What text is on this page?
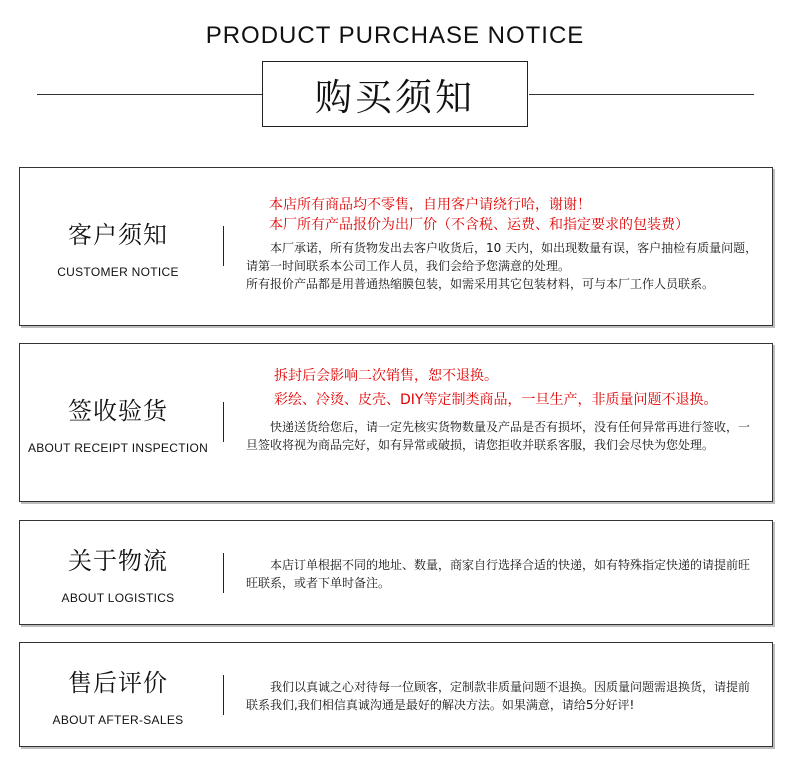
PRODUCT PURCHASE NOTICE
购买须知
客户须知
CUSTOMER NOTICE
本店所有商品均不零售，自用客户请绕行哈，谢谢！
本厂所有产品报价为出厂价（不含税、运费、和指定要求的包装费）

　　本厂承诺，所有货物发出去客户收货后，10 天内，如出现数量有误，客户抽检有质量问题，请第一时间联系本公司工作人员，我们会给予您满意的处理。

所有报价产品都是用普通热缩膜包装，如需采用其它包装材料，可与本厂工作人员联系。

签收验货
ABOUT RECEIPT INSPECTION
拆封后会影响二次销售，恕不退换。
彩绘、冷烫、皮壳、DIY等定制类商品，一旦生产，非质量问题不退换。

　　快递送货给您后，请一定先核实货物数量及产品是否有损坏，没有任何异常再进行签收，一旦签收将视为商品完好，如有异常或破损，请您拒收并联系客服，我们会尽快为您处理。

关于物流
ABOUT LOGISTICS

　　本店订单根据不同的地址、数量，商家自行选择合适的快递，如有特殊指定快递的请提前旺旺联系，或者下单时备注。

售后评价
ABOUT AFTER-SALES

　　我们以真诚之心对待每一位顾客，定制款非质量问题不退换。因质量问题需退换货，请提前联系我们,我们相信真诚沟通是最好的解决方法。如果满意，请给5分好评!
